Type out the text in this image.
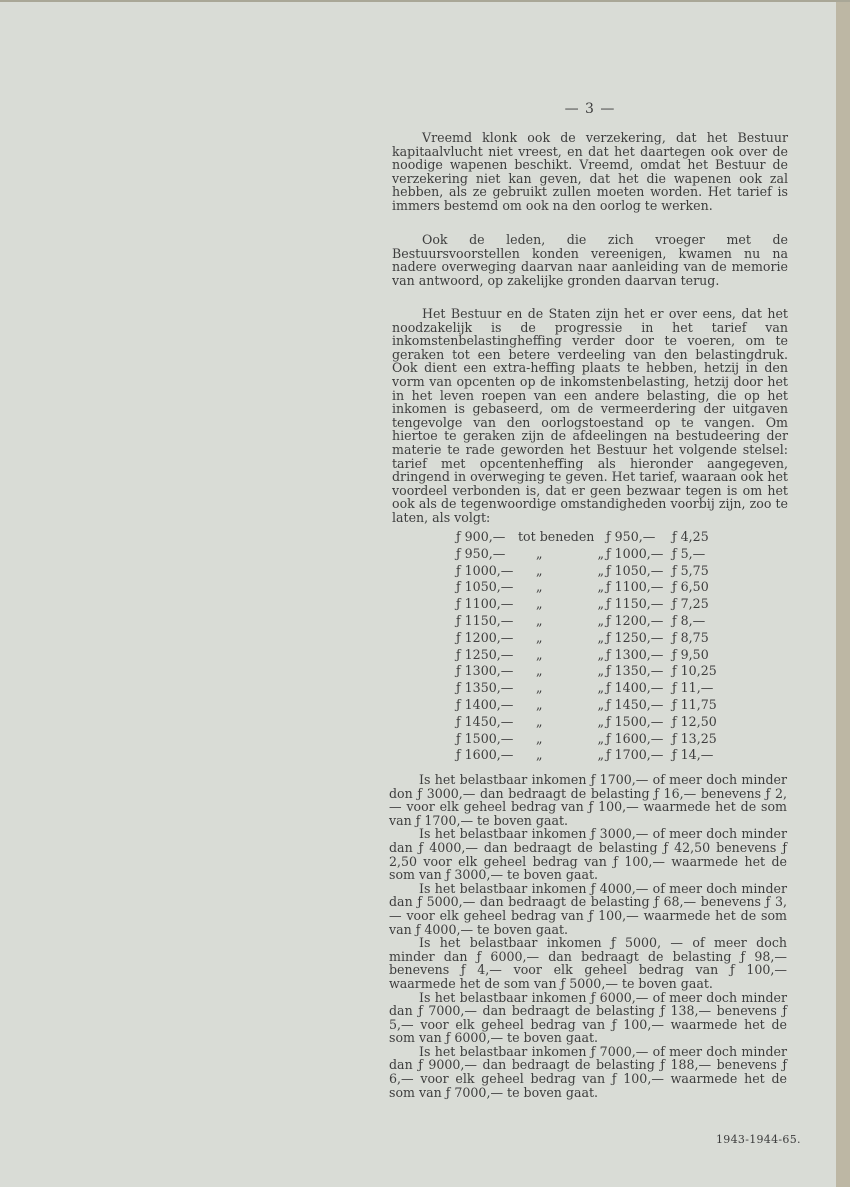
— 3 —

Vreemd klonk ook de verzekering, dat het Bestuur kapitaalvlucht niet vreest, en dat het daartegen ook over de noodige wapenen beschikt. Vreemd, omdat het Bestuur de verzekering niet kan geven, dat het die wapenen ook zal hebben, als ze gebruikt zullen moeten worden. Het tarief is immers bestemd om ook na den oorlog te werken.

Ook de leden, die zich vroeger met de Bestuursvoorstellen konden vereenigen, kwamen nu na nadere overweging daarvan naar aanleiding van de memorie van antwoord, op zakelijke gronden daarvan terug.

Het Bestuur en de Staten zijn het er over eens, dat het noodzakelijk is de progressie in het tarief van inkomstenbelastingheffing verder door te voeren, om te geraken tot een betere verdeeling van den belastingdruk. Ook dient een extra-heffing plaats te hebben, hetzij in den vorm van opcenten op de inkomstenbelasting, hetzij door het in het leven roepen van een andere belasting, die op het inkomen is gebaseerd, om de vermeerdering der uitgaven tengevolge van den oorlogstoestand op te vangen. Om hiertoe te geraken zijn de afdeelingen na bestudeering der materie te rade geworden het Bestuur het volgende stelsel: tarief met opcentenheffing als hieronder aangegeven, dringend in overweging te geven. Het tarief, waaraan ook het voordeel verbonden is, dat er geen bezwaar tegen is om het ook als de tegenwoordige omstandigheden voorbij zijn, zoo te laten, als volgt:

ƒ 900,— tot beneden ƒ 950,— ƒ 4,25
ƒ 950,—	„	„ ƒ 1000,— ƒ 5,—
ƒ 1000,—	„	„ ƒ 1050,— ƒ 5,75
ƒ 1050,—	„	„ ƒ 1100,— ƒ 6,50
ƒ 1100,—	„	„ ƒ 1150,— ƒ 7,25
ƒ 1150,—	„	„ ƒ 1200,— ƒ 8,—
ƒ 1200,—	„	„ ƒ 1250,— ƒ 8,75
ƒ 1250,—	„	„ ƒ 1300,— ƒ 9,50
ƒ 1300,—	„	„ ƒ 1350,— ƒ 10,25
ƒ 1350,—	„	„ ƒ 1400,— ƒ 11,—
ƒ 1400,—	„	„ ƒ 1450,— ƒ 11,75
ƒ 1450,—	„	„ ƒ 1500,— ƒ 12,50
ƒ 1500,—	„	„ ƒ 1600,— ƒ 13,25
ƒ 1600,—	„	„ ƒ 1700,— ƒ 14,—

Is het belastbaar inkomen ƒ 1700,— of meer doch minder don ƒ 3000,— dan bedraagt de belasting ƒ 16,— benevens ƒ 2,— voor elk geheel bedrag van ƒ 100,— waarmede het de som van ƒ 1700,— te boven gaat.

Is het belastbaar inkomen ƒ 3000,— of meer doch minder dan ƒ 4000,— dan bedraagt de belasting ƒ 42,50 benevens ƒ 2,50 voor elk geheel bedrag van ƒ 100,— waarmede het de som van ƒ 3000,— te boven gaat.

Is het belastbaar inkomen ƒ 4000,— of meer doch minder dan ƒ 5000,— dan bedraagt de belasting ƒ 68,— benevens ƒ 3,— voor elk geheel bedrag van ƒ 100,— waarmede het de som van ƒ 4000,— te boven gaat.

Is het belastbaar inkomen ƒ 5000, — of meer doch minder dan ƒ 6000,— dan bedraagt de belasting ƒ 98,— benevens ƒ 4,— voor elk geheel bedrag van ƒ 100,— waarmede het de som van ƒ 5000,— te boven gaat.

Is het belastbaar inkomen ƒ 6000,— of meer doch minder dan ƒ 7000,— dan bedraagt de belasting ƒ 138,— benevens ƒ 5,— voor elk geheel bedrag van ƒ 100,— waarmede het de som van ƒ 6000,— te boven gaat.

Is het belastbaar inkomen ƒ 7000,— of meer doch minder dan ƒ 9000,— dan bedraagt de belasting ƒ 188,— benevens ƒ 6,— voor elk geheel bedrag van ƒ 100,— waarmede het de som van ƒ 7000,— te boven gaat.

1943-1944-65.
